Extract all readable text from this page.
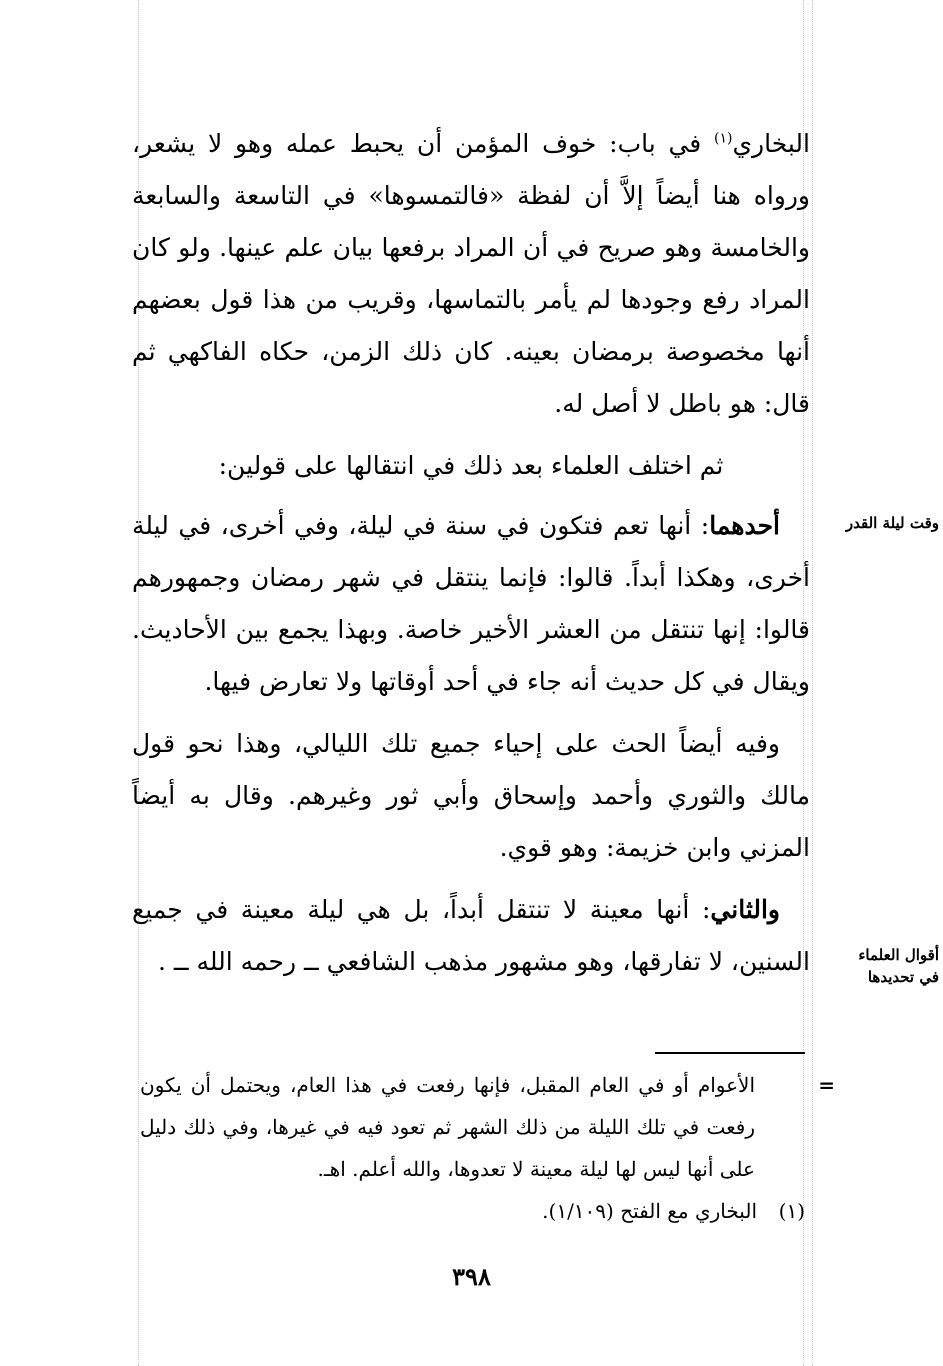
البخاري$^{(١)}$ في باب: خوف المؤمن أن يحبط عمله وهو لا يشعر، ورواه هنا أيضاً إلاَّ أن لفظة «فالتمسوها» في التاسعة والسابعة والخامسة وهو صريح في أن المراد برفعها بيان علم عينها. ولو كان المراد رفع وجودها لم يأمر بالتماسها، وقريب من هذا قول بعضهم أنها مخصوصة برمضان بعينه. كان ذلك الزمن، حكاه الفاكهي ثم قال: هو باطل لا أصل له.

ثم اختلف العلماء بعد ذلك في انتقالها على قولين:

أحدهما: أنها تعم فتكون في سنة في ليلة، وفي أخرى، في ليلة أخرى، وهكذا أبداً. قالوا: فإنما ينتقل في شهر رمضان وجمهورهم قالوا: إنها تنتقل من العشر الأخير خاصة. وبهذا يجمع بين الأحاديث. ويقال في كل حديث أنه جاء في أحد أوقاتها ولا تعارض فيها.

وفيه أيضاً الحث على إحياء جميع تلك الليالي، وهذا نحو قول مالك والثوري وأحمد وإسحاق وأبي ثور وغيرهم. وقال به أيضاً المزني وابن خزيمة: وهو قوي.

والثاني: أنها معينة لا تنتقل أبداً، بل هي ليلة معينة في جميع السنين، لا تفارقها، وهو مشهور مذهب الشافعي ــ رحمه الله ــ .

وقت ليلة القدر
أقوال العلماء
في تحديدها

=
الأعوام أو في العام المقبل، فإنها رفعت في هذا العام، ويحتمل أن يكون رفعت في تلك الليلة من ذلك الشهر ثم تعود فيه في غيرها، وفي ذلك دليل على أنها ليس لها ليلة معينة لا تعدوها، والله أعلم. اهـ.

(١)البخاري مع الفتح (١/١٠٩).

٣٩٨
